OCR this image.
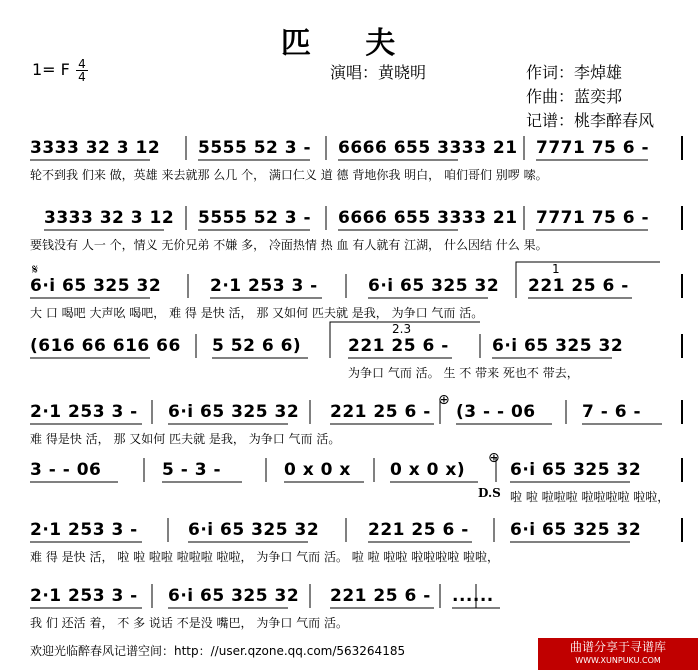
匹 夫
1= F 4
4	演唱：黄晓明	作词：李焯雄
作曲：蓝奕邦
记谱：桃李醉春风
3333 32 3 12 5555 52 3 - 6666 655 3333 21 7771 75 6 -
轮不到我 们来 做，英雄 来去就那 么几 个， 满口仁义 道 德 背地你我 明白， 咱们哥们 别啰 嗦。
3333 32 3 12 5555 52 3 - 6666 655 3333 21 7771 75 6 -
要钱没有 人一 个，情义 无价兄弟 不嫌 多， 冷面热情 热 血 有人就有 江湖， 什么因结 什么 果。
6·i 65 325 32	2·1 253 3 -	6·i 65 325 32 221 25 6 -
大 口 喝吧 大声吆 喝吧， 难 得 是快 活， 那 又如何 匹夫就 是我， 为争口 气而 活。
1
(616 66 616 66 5 52 6 6)	221 25 6 -	6·i 65 325 32
为争口 气而 活。 生 不 带来 死也不 带去，
2.3
2·1 253 3 - 6·i 65 325 32 221 25 6 - (3 - - 06	7 - 6 -
难 得是快 活， 那 又如何 匹夫就 是我， 为争口 气而 活。
3 - - 06	5 - 3 -	0 x 0 x 0 x 0 x)	6·i 65 325 32
啦 啦 啦啦啦 啦啦啦啦 啦啦，
D.S
2·1 253 3 -	6·i 65 325 32	221 25 6 - 6·i 65 325 32
难 得 是快 活， 啦 啦 啦啦 啦啦啦 啦啦， 为争口 气而 活。 啦 啦 啦啦 啦啦啦啦 啦啦，
2·1 253 3 - 6·i 65 325 32 221 25 6 - ......
我 们 还活 着， 不 多 说话 不是没 嘴巴， 为争口 气而 活。
𝄋
⊕
⊕
欢迎光临醉春风记谱空间：http：//user.qzone.qq.com/563264185	曲谱分享于寻谱库
WWW.XUNPUKU.COM
